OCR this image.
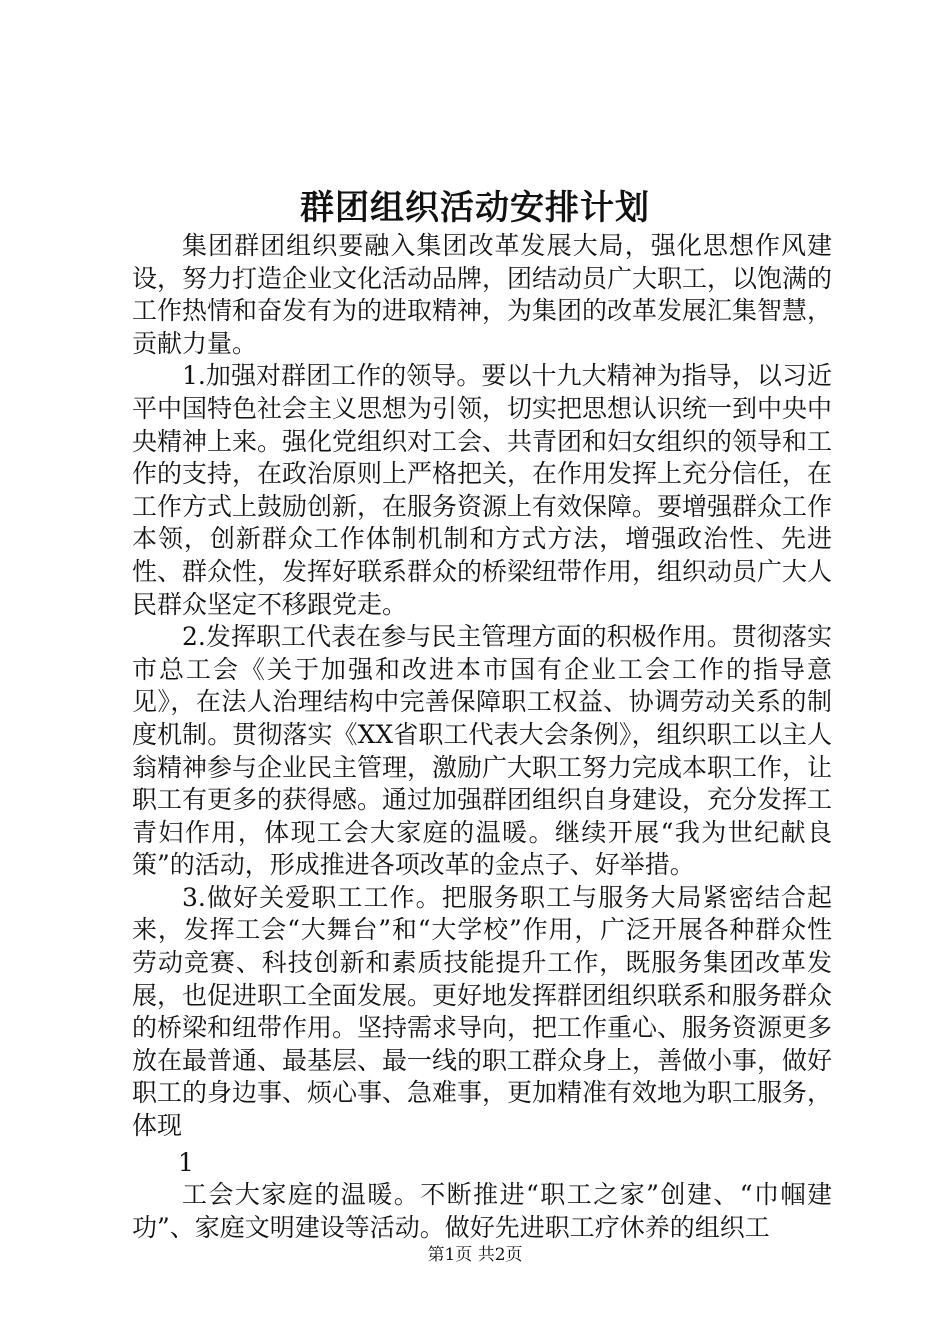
群团组织活动安排计划

集团群团组织要融入集团改革发展大局，强化思想作风建设，努力打造企业文化活动品牌，团结动员广大职工，以饱满的工作热情和奋发有为的进取精神，为集团的改革发展汇集智慧，贡献力量。

1.加强对群团工作的领导。要以十九大精神为指导，以习近平中国特色社会主义思想为引领，切实把思想认识统一到中央中央精神上来。强化党组织对工会、共青团和妇女组织的领导和工作的支持，在政治原则上严格把关，在作用发挥上充分信任，在工作方式上鼓励创新，在服务资源上有效保障。要增强群众工作本领，创新群众工作体制机制和方式方法，增强政治性、先进性、群众性，发挥好联系群众的桥梁纽带作用，组织动员广大人民群众坚定不移跟党走。

2.发挥职工代表在参与民主管理方面的积极作用。贯彻落实市总工会《关于加强和改进本市国有企业工会工作的指导意见》，在法人治理结构中完善保障职工权益、协调劳动关系的制度机制。贯彻落实《XX省职工代表大会条例》，组织职工以主人翁精神参与企业民主管理，激励广大职工努力完成本职工作，让职工有更多的获得感。通过加强群团组织自身建设，充分发挥工青妇作用，体现工会大家庭的温暖。继续开展“我为世纪献良策”的活动，形成推进各项改革的金点子、好举措。

3.做好关爱职工工作。把服务职工与服务大局紧密结合起来，发挥工会“大舞台”和“大学校”作用，广泛开展各种群众性劳动竞赛、科技创新和素质技能提升工作，既服务集团改革发展，也促进职工全面发展。更好地发挥群团组织联系和服务群众的桥梁和纽带作用。坚持需求导向，把工作重心、服务资源更多放在最普通、最基层、最一线的职工群众身上，善做小事，做好职工的身边事、烦心事、急难事，更加精准有效地为职工服务，体现

1

工会大家庭的温暖。不断推进“职工之家”创建、“巾帼建功”、家庭文明建设等活动。做好先进职工疗休养的组织工

第1页 共2页
